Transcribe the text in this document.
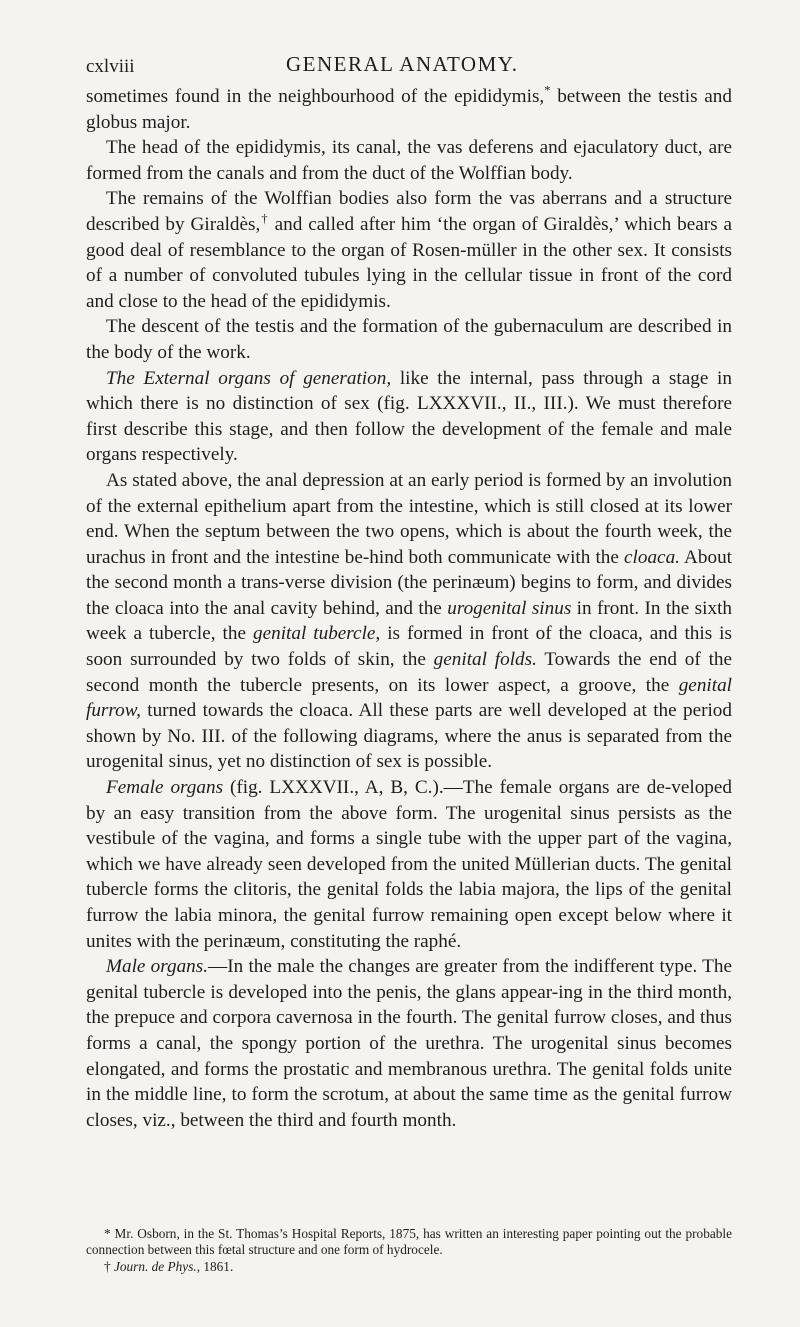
cxlviii	GENERAL ANATOMY.

sometimes found in the neighbourhood of the epididymis,* between the testis and globus major.

The head of the epididymis, its canal, the vas deferens and ejaculatory duct, are formed from the canals and from the duct of the Wolffian body.

The remains of the Wolffian bodies also form the vas aberrans and a structure described by Giraldès,† and called after him ‘the organ of Giraldès,’ which bears a good deal of resemblance to the organ of Rosen-müller in the other sex. It consists of a number of convoluted tubules lying in the cellular tissue in front of the cord and close to the head of the epididymis.

The descent of the testis and the formation of the gubernaculum are described in the body of the work.

The External organs of generation, like the internal, pass through a stage in which there is no distinction of sex (fig. LXXXVII., II., III.). We must therefore first describe this stage, and then follow the development of the female and male organs respectively.

As stated above, the anal depression at an early period is formed by an involution of the external epithelium apart from the intestine, which is still closed at its lower end. When the septum between the two opens, which is about the fourth week, the urachus in front and the intestine be-hind both communicate with the cloaca. About the second month a trans-verse division (the perinæum) begins to form, and divides the cloaca into the anal cavity behind, and the urogenital sinus in front. In the sixth week a tubercle, the genital tubercle, is formed in front of the cloaca, and this is soon surrounded by two folds of skin, the genital folds. Towards the end of the second month the tubercle presents, on its lower aspect, a groove, the genital furrow, turned towards the cloaca. All these parts are well developed at the period shown by No. III. of the following diagrams, where the anus is separated from the urogenital sinus, yet no distinction of sex is possible.

Female organs (fig. LXXXVII., A, B, C.).—The female organs are de-veloped by an easy transition from the above form. The urogenital sinus persists as the vestibule of the vagina, and forms a single tube with the upper part of the vagina, which we have already seen developed from the united Müllerian ducts. The genital tubercle forms the clitoris, the genital folds the labia majora, the lips of the genital furrow the labia minora, the genital furrow remaining open except below where it unites with the perinæum, constituting the raphé.

Male organs.—In the male the changes are greater from the indifferent type. The genital tubercle is developed into the penis, the glans appear-ing in the third month, the prepuce and corpora cavernosa in the fourth. The genital furrow closes, and thus forms a canal, the spongy portion of the urethra. The urogenital sinus becomes elongated, and forms the prostatic and membranous urethra. The genital folds unite in the middle line, to form the scrotum, at about the same time as the genital furrow closes, viz., between the third and fourth month.

* Mr. Osborn, in the St. Thomas’s Hospital Reports, 1875, has written an interesting paper pointing out the probable connection between this fœtal structure and one form of hydrocele.

† Journ. de Phys., 1861.
